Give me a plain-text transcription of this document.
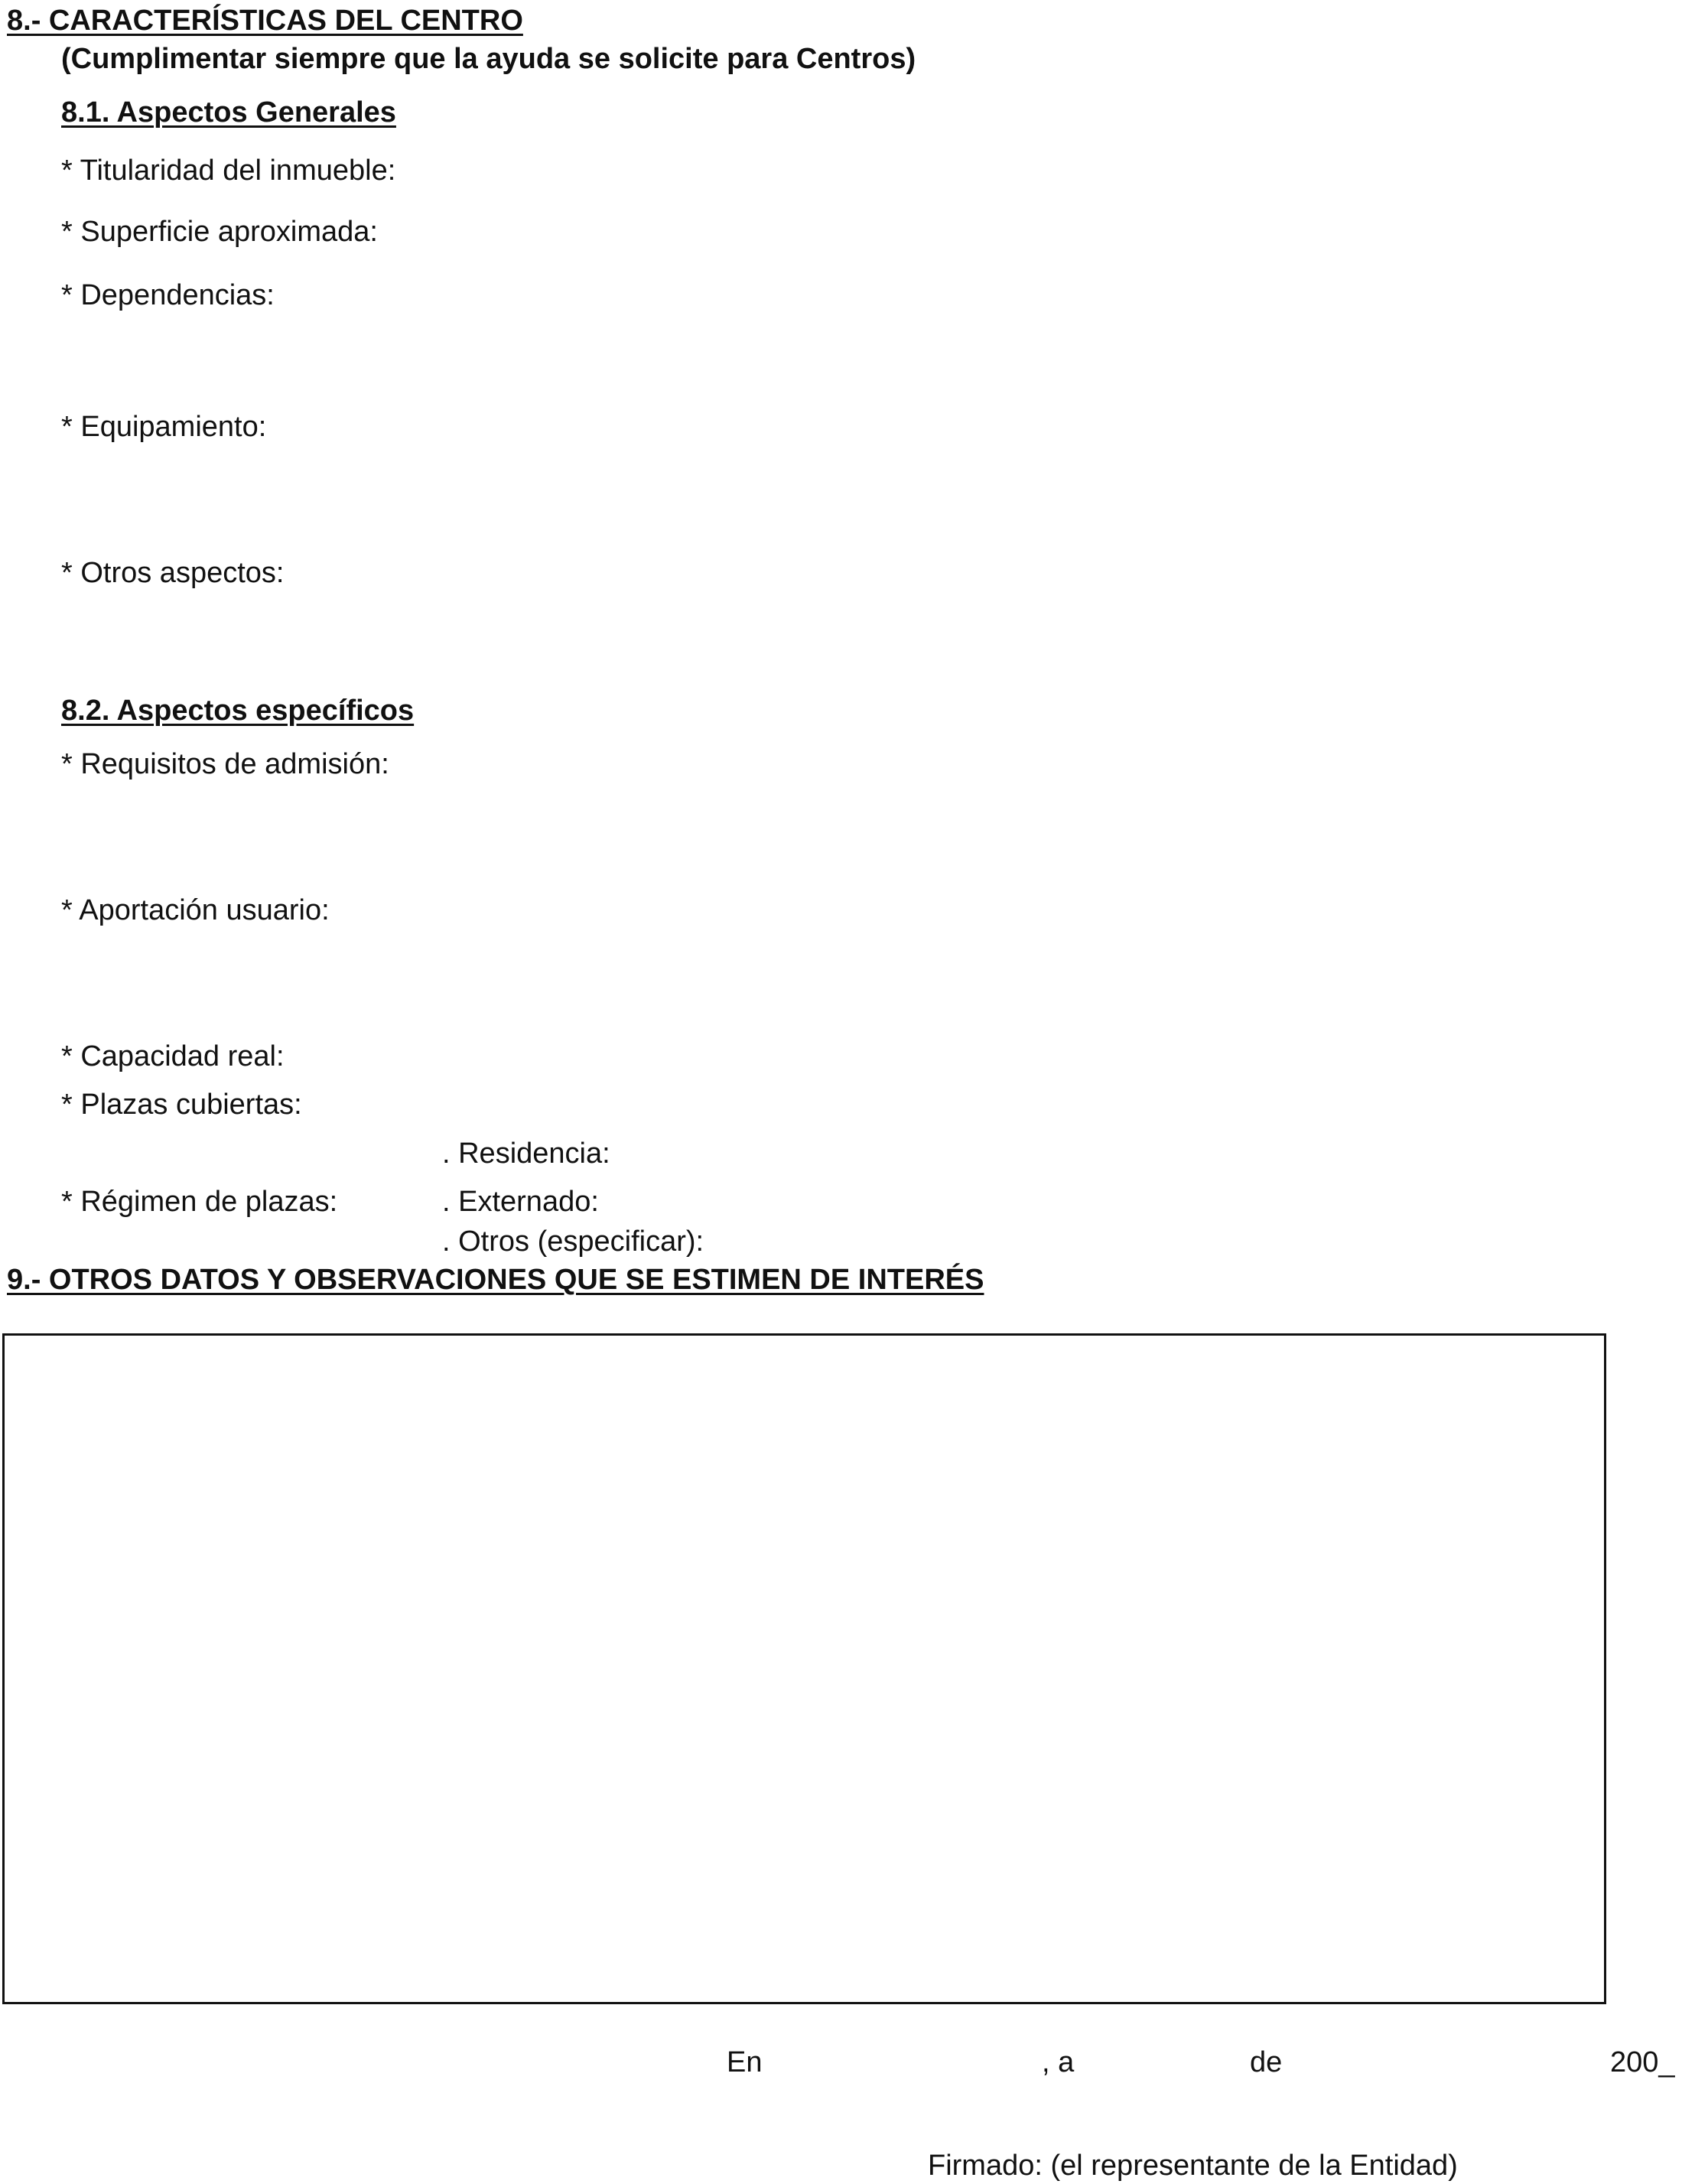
8.- CARACTERÍSTICAS DEL CENTRO
(Cumplimentar siempre que la ayuda se solicite para Centros)
8.1. Aspectos Generales
* Titularidad del inmueble:
* Superficie aproximada:
* Dependencias:
* Equipamiento:
* Otros aspectos:
8.2. Aspectos específicos
* Requisitos de admisión:
* Aportación usuario:
* Capacidad real:
* Plazas cubiertas:
. Residencia:
* Régimen de plazas:	. Externado:
. Otros (especificar):
9.- OTROS DATOS Y OBSERVACIONES QUE SE ESTIMEN DE INTERÉS
En	, a	de	200_
Firmado: (el representante de la Entidad)
